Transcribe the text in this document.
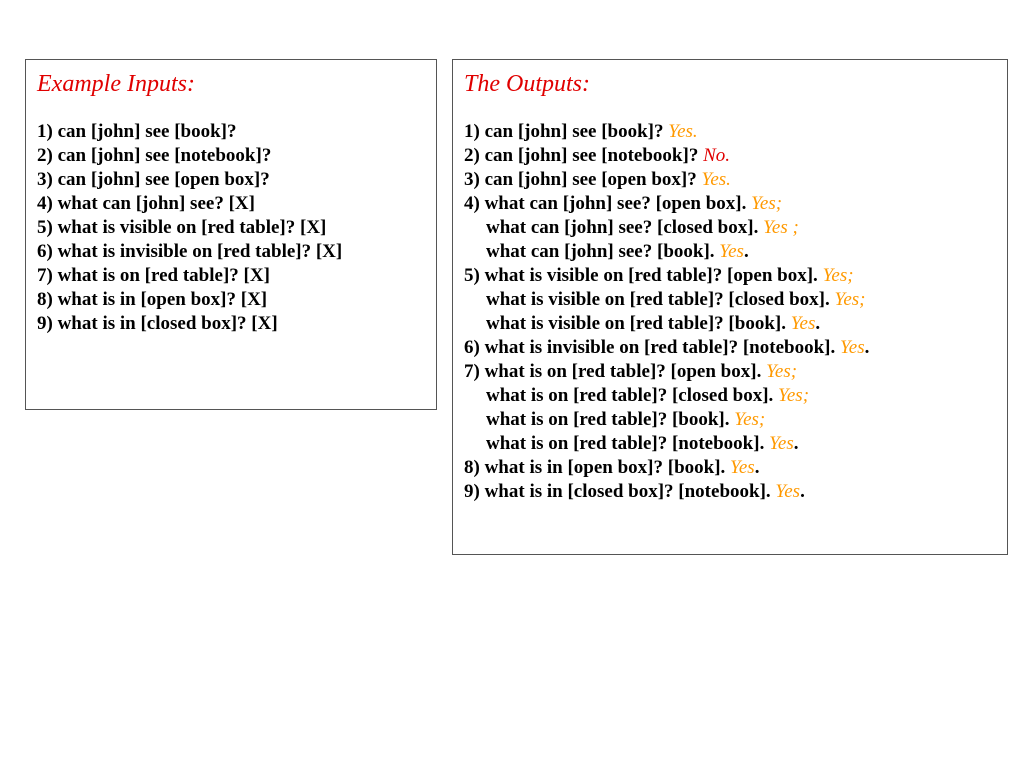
Example Inputs:
1) can [john] see [book]?
2) can [john] see [notebook]?
3) can [john] see [open box]?
4) what can [john] see? [X]
5) what is visible on [red table]? [X]
6) what is invisible on [red table]? [X]
7) what is on [red table]? [X]
8) what is in [open box]? [X]
9) what is in [closed box]? [X]
The Outputs:
1) can [john] see [book]? Yes.
2) can [john] see [notebook]? No.
3) can [john] see [open box]? Yes.
4) what can [john] see? [open box]. Yes;
what can [john] see? [closed box]. Yes ;
what can [john] see? [book]. Yes.
5) what is visible on [red table]? [open box]. Yes;
what is visible on [red table]? [closed box]. Yes;
what is visible on [red table]? [book]. Yes.
6) what is invisible on [red table]? [notebook]. Yes.
7) what is on [red table]? [open box]. Yes;
what is on [red table]? [closed box]. Yes;
what is on [red table]? [book]. Yes;
what is on [red table]? [notebook]. Yes.
8) what is in [open box]? [book]. Yes.
9) what is in [closed box]? [notebook]. Yes.
